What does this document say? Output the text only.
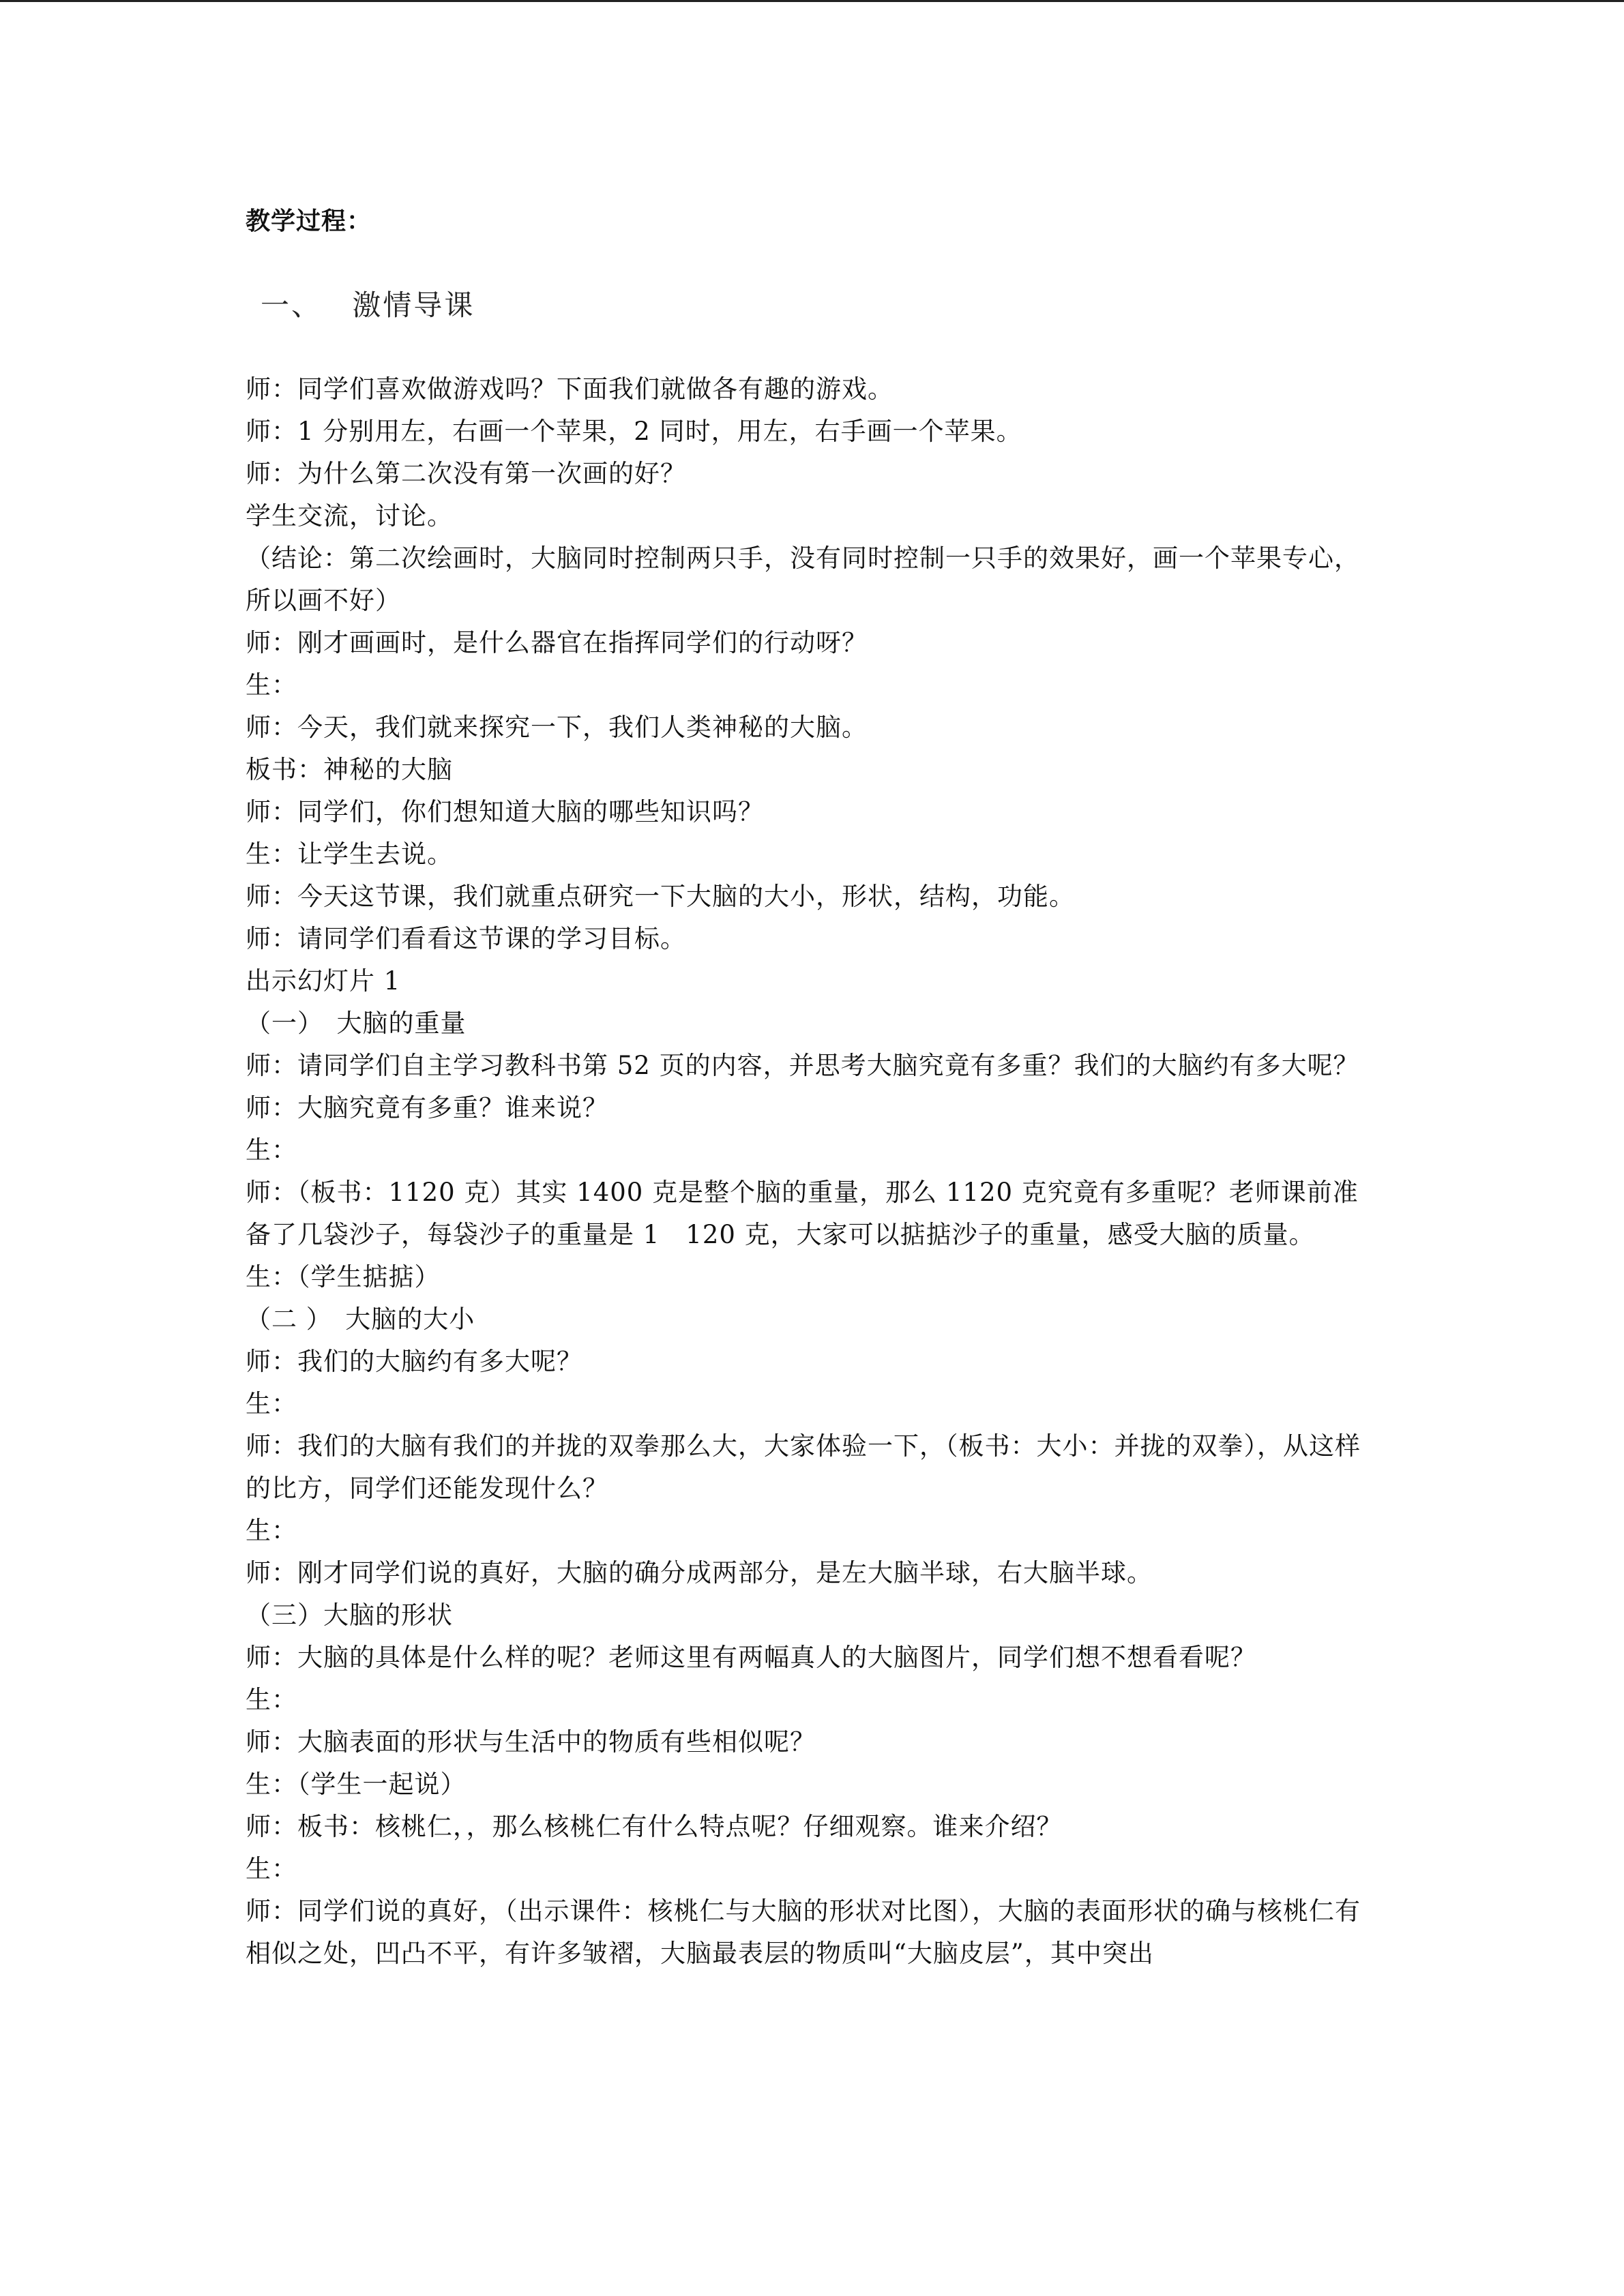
教学过程：

一、 激情导课

师：同学们喜欢做游戏吗？下面我们就做各有趣的游戏。

师：1 分别用左，右画一个苹果，2 同时，用左，右手画一个苹果。

师：为什么第二次没有第一次画的好？

学生交流，讨论。

（结论：第二次绘画时，大脑同时控制两只手，没有同时控制一只手的效果好，画一个苹果专心，所以画不好）

师：刚才画画时，是什么器官在指挥同学们的行动呀？

生：

师：今天，我们就来探究一下，我们人类神秘的大脑。

板书：神秘的大脑

师：同学们，你们想知道大脑的哪些知识吗？

生：让学生去说。

师：今天这节课，我们就重点研究一下大脑的大小，形状，结构，功能。

师：请同学们看看这节课的学习目标。

出示幻灯片 1

（一）　大脑的重量

师：请同学们自主学习教科书第 52 页的内容，并思考大脑究竟有多重？我们的大脑约有多大呢？

师：大脑究竟有多重？谁来说？

生：

师：（板书：1120 克）其实 1400 克是整个脑的重量，那么 1120 克究竟有多重呢？老师课前准备了几袋沙子，每袋沙子的重量是 1　120 克，大家可以掂掂沙子的重量，感受大脑的质量。

生：（学生掂掂）

（二 ）　大脑的大小

师：我们的大脑约有多大呢？

生：

师：我们的大脑有我们的并拢的双拳那么大，大家体验一下，（板书：大小：并拢的双拳），从这样的比方，同学们还能发现什么？

生：

师：刚才同学们说的真好，大脑的确分成两部分，是左大脑半球，右大脑半球。

（三）大脑的形状

师：大脑的具体是什么样的呢？老师这里有两幅真人的大脑图片，同学们想不想看看呢？

生：

师：大脑表面的形状与生活中的物质有些相似呢？

生：（学生一起说）

师：板书：核桃仁，，那么核桃仁有什么特点呢？仔细观察。谁来介绍？

生：

师：同学们说的真好，（出示课件：核桃仁与大脑的形状对比图），大脑的表面形状的确与核桃仁有相似之处，凹凸不平，有许多皱褶，大脑最表层的物质叫“大脑皮层”，其中突出
